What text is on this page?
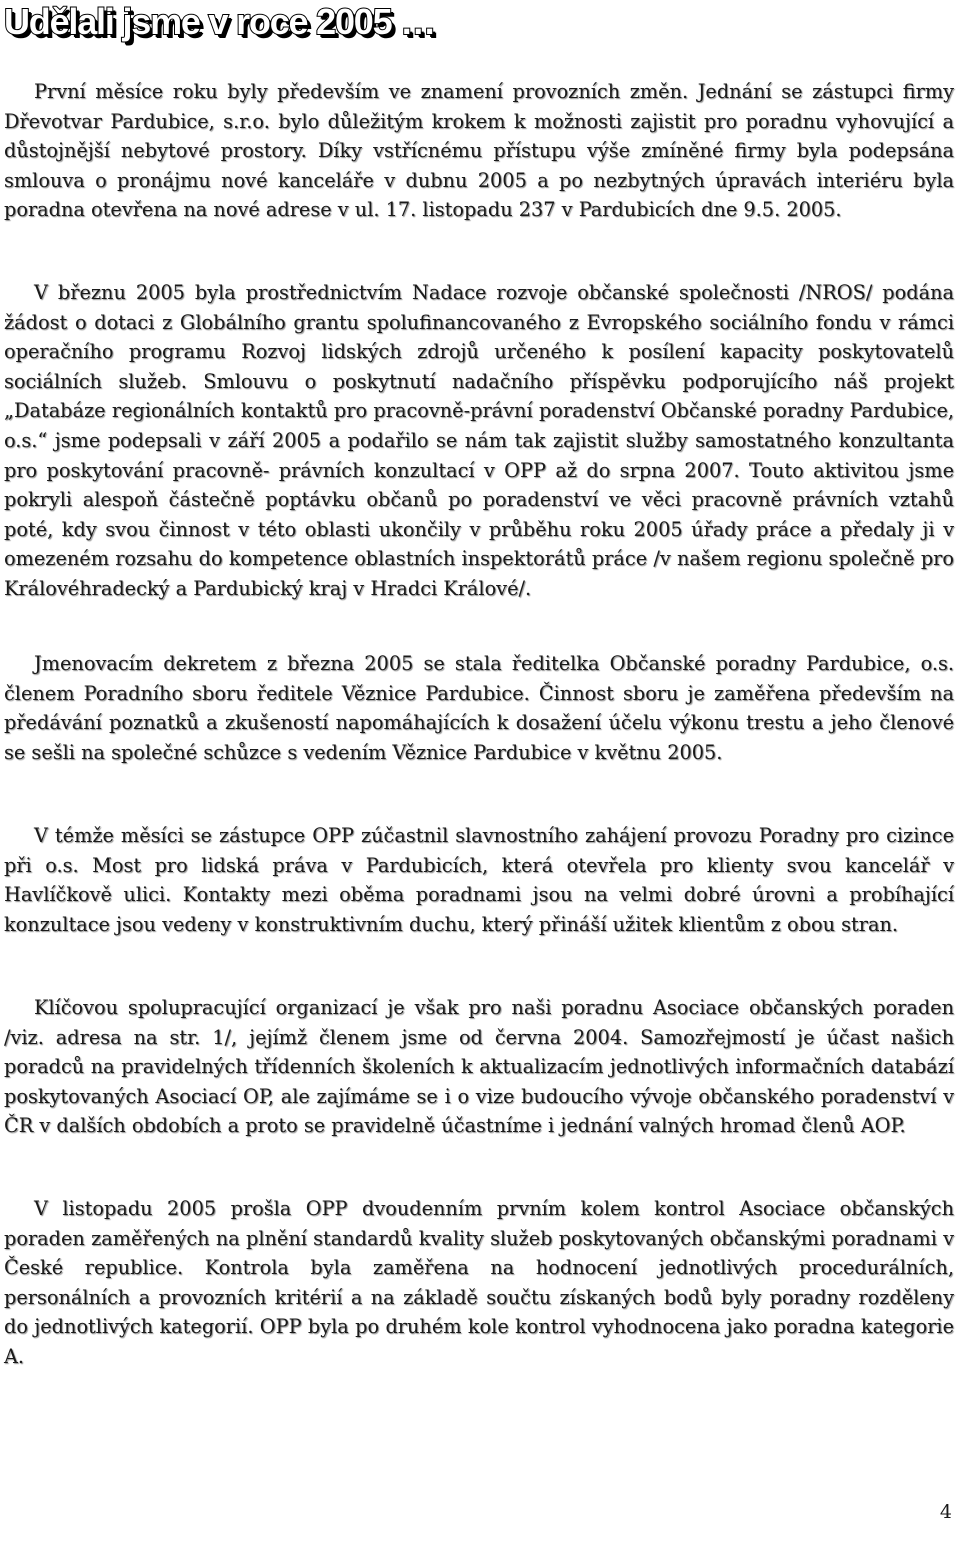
Udělali jsme v roce 2005 …

První měsíce roku byly především ve znamení provozních změn. Jednání se zástupci firmy Dřevotvar Pardubice, s.r.o. bylo důležitým krokem k možnosti zajistit pro poradnu vyhovující a důstojnější nebytové prostory. Díky vstřícnému přístupu výše zmíněné firmy byla podepsána smlouva o pronájmu nové kanceláře v dubnu 2005 a po nezbytných úpravách interiéru byla poradna otevřena na nové adrese v ul. 17. listopadu 237 v Pardubicích dne 9.5. 2005.

V březnu 2005 byla prostřednictvím Nadace rozvoje občanské společnosti /NROS/ podána žádost o dotaci z Globálního grantu spolufinancovaného z Evropského sociálního fondu v rámci operačního programu Rozvoj lidských zdrojů určeného k posílení kapacity poskytovatelů sociálních služeb. Smlouvu o poskytnutí nadačního příspěvku podporujícího náš projekt „Databáze regionálních kontaktů pro pracovně-právní poradenství Občanské poradny Pardubice, o.s.“ jsme podepsali v září 2005 a podařilo se nám tak zajistit služby samostatného konzultanta pro poskytování pracovně- právních konzultací v OPP až do srpna 2007. Touto aktivitou jsme pokryli alespoň částečně poptávku občanů po poradenství ve věci pracovně právních vztahů poté, kdy svou činnost v této oblasti ukončily v průběhu roku 2005 úřady práce a předaly ji v omezeném rozsahu do kompetence oblastních inspektorátů práce /v našem regionu společně pro Královéhradecký a Pardubický kraj v Hradci Králové/.

Jmenovacím dekretem z března 2005 se stala ředitelka Občanské poradny Pardubice, o.s. členem Poradního sboru ředitele Věznice Pardubice. Činnost sboru je zaměřena především na předávání poznatků a zkušeností napomáhajících k dosažení účelu výkonu trestu a jeho členové se sešli na společné schůzce s vedením Věznice Pardubice v květnu 2005.

V témže měsíci se zástupce OPP zúčastnil slavnostního zahájení provozu Poradny pro cizince při o.s. Most pro lidská práva v Pardubicích, která otevřela pro klienty svou kancelář v Havlíčkově ulici. Kontakty mezi oběma poradnami jsou na velmi dobré úrovni a probíhající konzultace jsou vedeny v konstruktivním duchu, který přináší užitek klientům z obou stran.

Klíčovou spolupracující organizací je však pro naši poradnu Asociace občanských poraden /viz. adresa na str. 1/, jejímž členem jsme od června 2004. Samozřejmostí je účast našich poradců na pravidelných třídenních školeních k aktualizacím jednotlivých informačních databází poskytovaných Asociací OP, ale zajímáme se i o vize budoucího vývoje občanského poradenství v ČR v dalších obdobích a proto se pravidelně účastníme i jednání valných hromad členů AOP.

V listopadu 2005 prošla OPP dvoudenním prvním kolem kontrol Asociace občanských poraden zaměřených na plnění standardů kvality služeb poskytovaných občanskými poradnami v České republice. Kontrola byla zaměřena na hodnocení jednotlivých procedurálních, personálních a provozních kritérií a na základě součtu získaných bodů byly poradny rozděleny do jednotlivých kategorií. OPP byla po druhém kole kontrol vyhodnocena jako poradna kategorie A.

4
